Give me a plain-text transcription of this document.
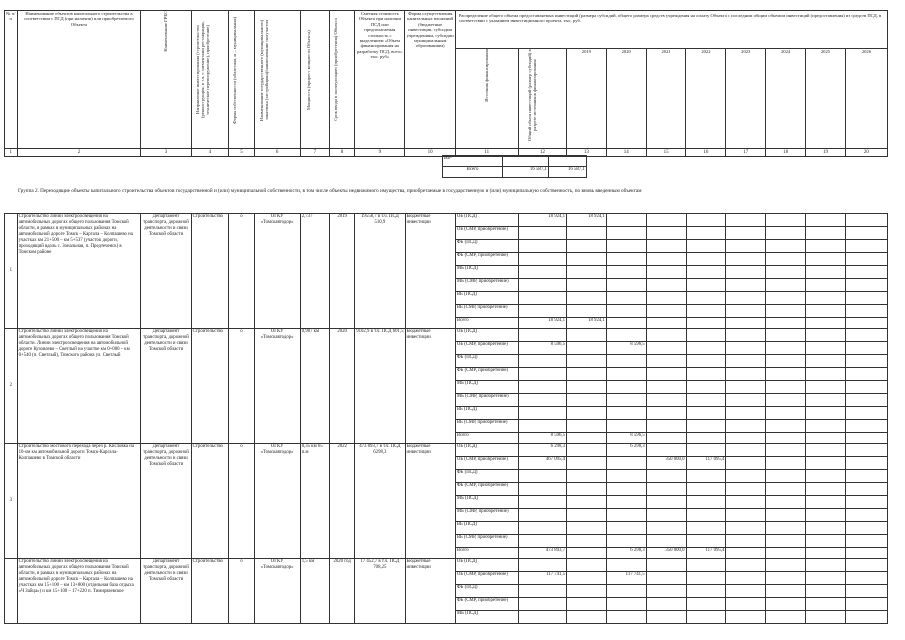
№ п/п	Наименование объектов капитального строительства в соответствии с ПСД (при наличии) или приобретаемого Объекта	Наименование ГРБС	Направление инвестирования (строительство (реконструкция, в т.ч. с элементами реставрации, техническое перевооружение), приобретение)	Форма собственности (областная, м – муниципальная)	Наименование государственного (муниципального) заказчика (застройщика)/наименование получателя	Мощность (прирост мощности Объекта)	Срок ввода в эксплуатацию (приобретения) Объекта	Сметная стоимость Объекта при наличии ПСД или предполагаемая стоимость с выделением «Объем финансирования на разработку ПСД, всего, тыс. руб»	Форма осуществления капитальных вложений (бюджетные инвестиции, субсидии учреждениям, субсидии муниципальным образованиям)	Распределение общего объема предоставляемых инвестиций (размера субсидий, общего размера средств учреждения на оплату Объекта с последним общим объемом инвестиций (предоставления) из средств ПСД, в соответствии с указанием инвестиционного проекта, тыс. руб.									
										Источник финансирования	Общий объем инвестиций (размер субсидий) в разрезе источников финансирования	2019	2020	2021	2022	2023	2024	2025	2026
1	2	3	4	5	6	7	8	9	10	11	12	13	14	15	16	17	18	19	20
ВБ-		
Всего	16 587,1	16 587,1
Группа 2. Переходящие объекты капитального строительства объектов государственной и (или) муниципальной собственности, в том числе объекты недвижимого имущества, приобретаемые в государственную и (или) муниципальную собственность, по вновь введенным объектам
1	Строительство линий электроосвещения на автомобильных дорогах общего пользования Томской области, в рамках в муниципальных районах на автомобильной дороге Томск – Каргала – Колпашево на участках км 21+500 – км 5+537 (участок дороги, проходящий вдоль с. Зональная, п. Предтеченск) в Томском районе	Департамент транспорта, дорожной деятельности и связи Томской области	Строительство	о	ОГКУ «Томскавтодор»	2,737	2019	19558,7 в т.ч. ПСД 510,9	Бюджетные инвестиции	ОБ (ПСД)	18 924,1	18 924,1							
										ОБ (СМР, приобретение)									
										ФБ (ПСД)									
										ФБ (СМР, приобретение)									
										МБ (ПСД)									
										МБ (СМР, приобретение)									
										ВБ (ПСД)									
										ВБ (СМР, приобретение)									
										Всего	18 924,1	18 924,1							
2	Строительство линий электроосвещения на автомобильных дорогах общего пользования Томской области. Линии электроосвещения на автомобильной дороге Кузовлево – Светлый на участке км 0+000 – км 0+540 (п. Светлый), Томского района ул. Светлый	Департамент транспорта, дорожной деятельности и связи Томской области	Строительство	о	ОГКУ «Томскавтодор»	0,987 км	2020	9102,9 в т.ч. ПСД 601,5	Бюджетные инвестиции	ОБ (ПСД)									
										ОБ (СМР, приобретение)	8 596,5		8 596,5						
										ФБ (ПСД)									
										ФБ (СМР, приобретение)									
										МБ (ПСД)									
										МБ (СМР, приобретение)									
										ВБ (ПСД)									
										ВБ (СМР, приобретение)									
										Всего	8 596,5		8 596,5						
3	Строительство мостового перехода через р. Кисловка на 10-ом км автомобильной дороги Томск-Каргала-Колпашево в Томской области	Департамент транспорта, дорожной деятельности и связи Томской области	Строительство	о	ОГКУ «Томскавтодор»	0,35 км 65 п.м	2022	473 893,7 в т.ч. ПСД 6298,3	Бюджетные инвестиции	ОБ (ПСД)	6 298,3		6 298,3						
										ОБ (СМР, приобретение)	467 095,4			350 000,0	117 095,4				
										ФБ (ПСД)									
										ФБ (СМР, приобретение)									
										МБ (ПСД)									
										МБ (СМР, приобретение)									
										ВБ (ПСД)									
										ВБ (СМР, приобретение)									
										Всего	473 893,7		6 298,3	350 000,0	117 095,4				
	Строительство линий электроосвещения на автомобильных дорогах общего пользования Томской области, в рамках в муниципальных районах на автомобильной дороге Томск – Каргала – Колпашево на участках км 15+100 – км 13+800 (отдельная база отдыха «Ч Зайца») и км 15+100 – 17+220 п. Тимирязевское	Департамент транспорта, дорожной деятельности и связи Томской области	Строительство	о	ОГКУ «Томскавтодор»	1,5 км	2020 год	17 452,7 в т.ч. ПСД 708,25	Бюджетные инвестиции	ОБ (ПСД)									
										ОБ (СМР, приобретение)	117 741,5		117 741,5						
										ФБ (ПСД)									
										ФБ (СМР, приобретение)									
										МБ (ПСД)									
